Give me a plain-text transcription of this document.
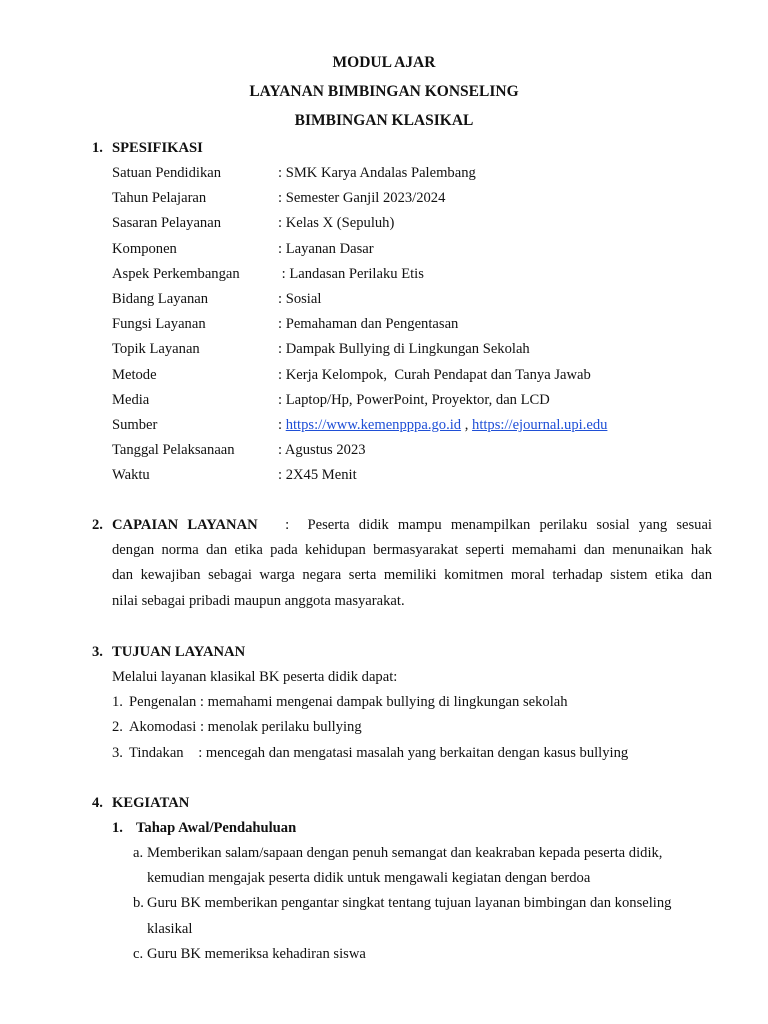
MODUL AJAR
LAYANAN BIMBINGAN KONSELING
BIMBINGAN KLASIKAL
1. SPESIFIKASI
Satuan Pendidikan	: SMK Karya Andalas Palembang
Tahun Pelajaran	: Semester Ganjil 2023/2024
Sasaran Pelayanan	: Kelas X (Sepuluh)
Komponen	: Layanan Dasar
Aspek Perkembangan	: Landasan Perilaku Etis
Bidang Layanan	: Sosial
Fungsi Layanan	: Pemahaman dan Pengentasan
Topik Layanan	: Dampak Bullying di Lingkungan Sekolah
Metode	: Kerja Kelompok,  Curah Pendapat dan Tanya Jawab
Media	: Laptop/Hp, PowerPoint, Proyektor, dan LCD
Sumber	: https://www.kemenpppa.go.id , https://ejournal.upi.edu
Tanggal Pelaksanaan	: Agustus 2023
Waktu	: 2X45 Menit
2. CAPAIAN LAYANAN   :  Peserta didik mampu menampilkan perilaku sosial yang sesuai
dengan norma dan etika pada kehidupan bermasyarakat seperti memahami dan menunaikan hak
dan kewajiban sebagai warga negara serta memiliki komitmen moral terhadap sistem etika dan
nilai sebagai pribadi maupun anggota masyarakat.
3. TUJUAN LAYANAN
Melalui layanan klasikal BK peserta didik dapat:
1. Pengenalan : memahami mengenai dampak bullying di lingkungan sekolah
2. Akomodasi : menolak perilaku bullying
3. Tindakan    : mencegah dan mengatasi masalah yang berkaitan dengan kasus bullying
4. KEGIATAN
1. Tahap Awal/Pendahuluan
a. Memberikan salam/sapaan dengan penuh semangat dan keakraban kepada peserta didik,
kemudian mengajak peserta didik untuk mengawali kegiatan dengan berdoa
b. Guru BK memberikan pengantar singkat tentang tujuan layanan bimbingan dan konseling
klasikal
c. Guru BK memeriksa kehadiran siswa
